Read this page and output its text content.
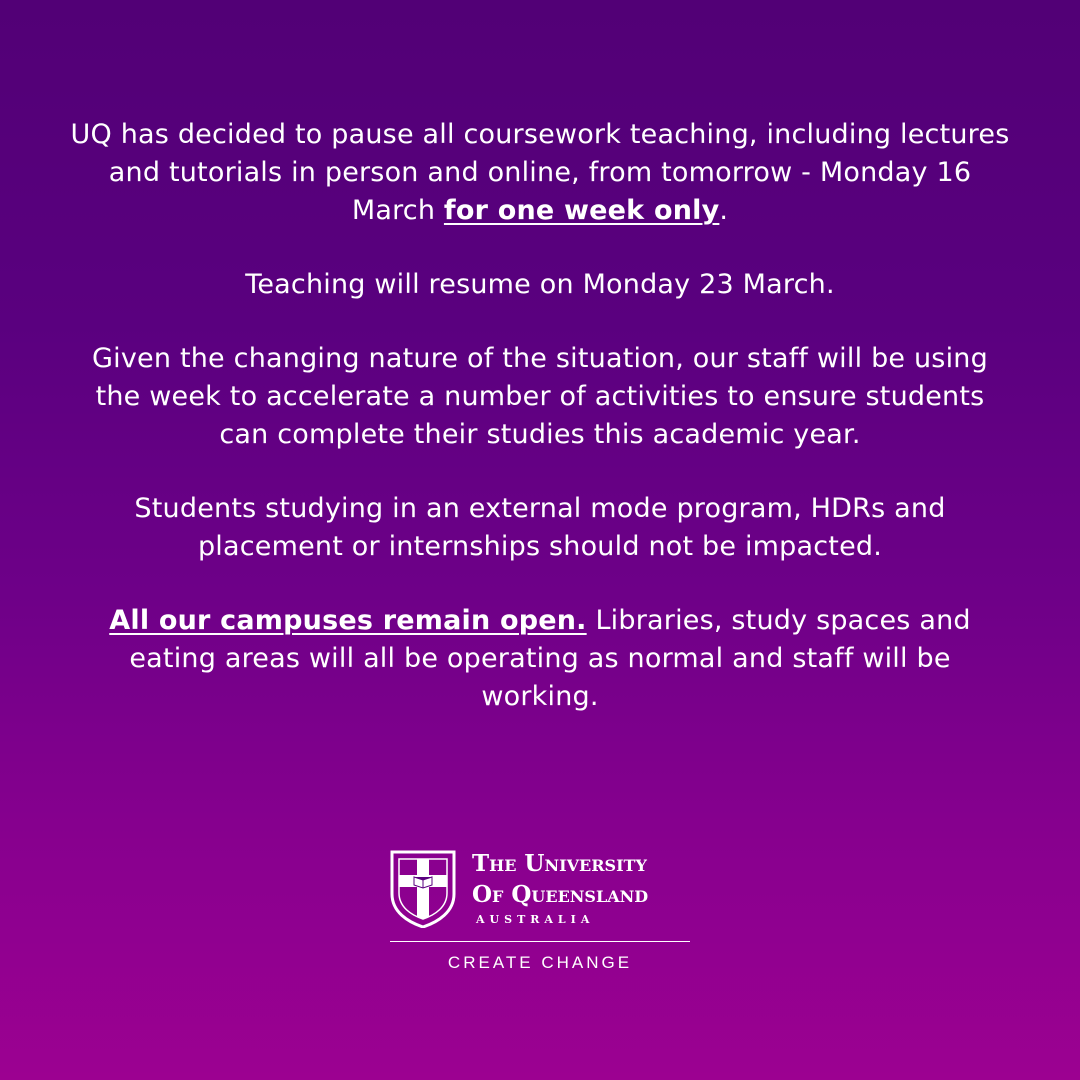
UQ has decided to pause all coursework teaching, including lectures and tutorials in person and online, from tomorrow - Monday 16 March for one week only.

Teaching will resume on Monday 23 March.

Given the changing nature of the situation, our staff will be using the week to accelerate a number of activities to ensure students can complete their studies this academic year.

Students studying in an external mode program, HDRs and placement or internships should not be impacted.

All our campuses remain open. Libraries, study spaces and eating areas will all be operating as normal and staff will be working.

The University
Of Queensland
AUSTRALIA
CREATE CHANGE
